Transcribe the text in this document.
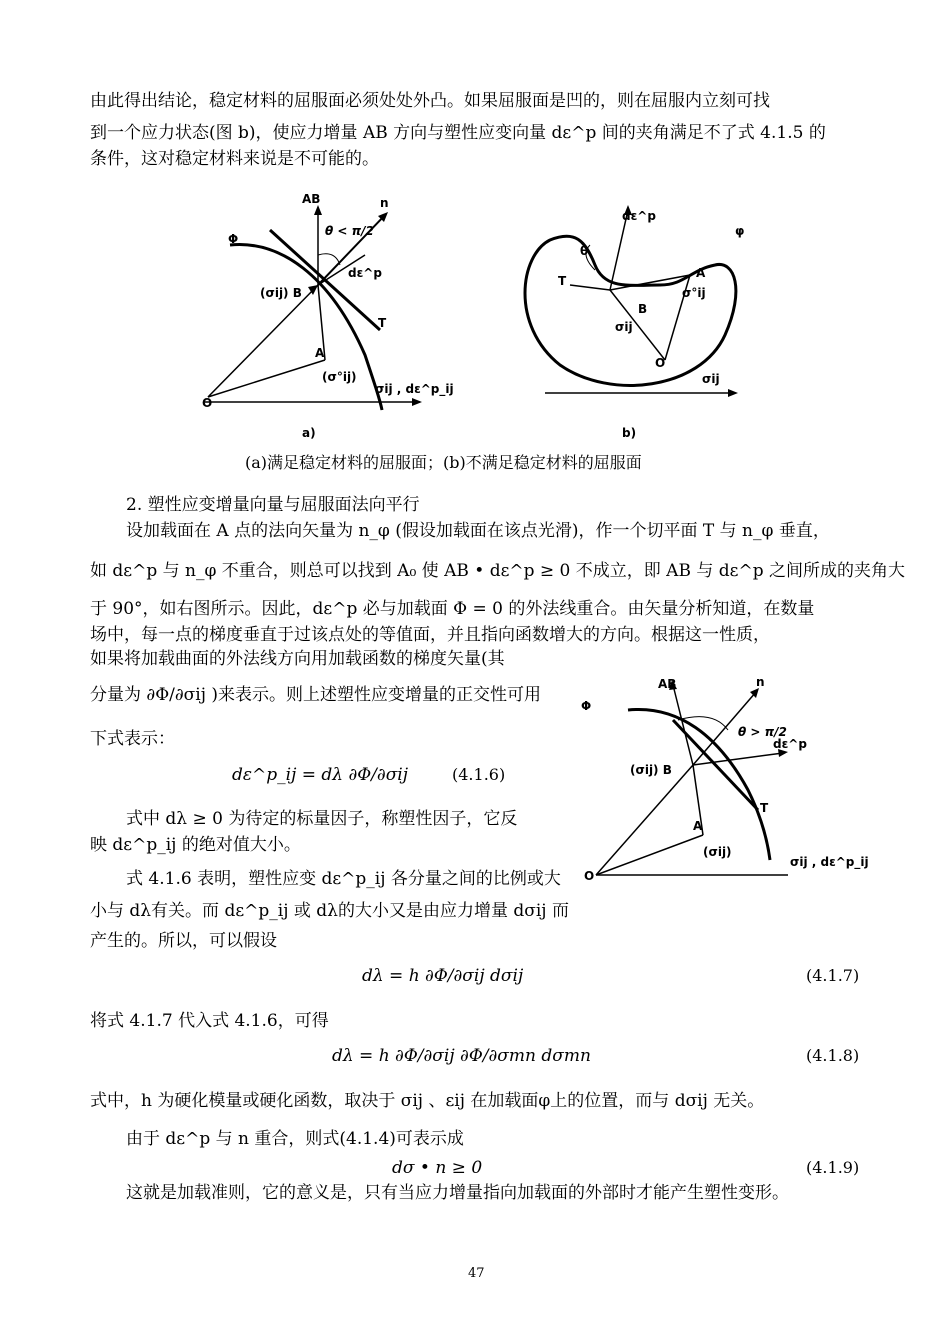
由此得出结论，稳定材料的屈服面必须处处外凸。如果屈服面是凹的，则在屈服内立刻可找
到一个应力状态(图 b)，使应力增量 AB 方向与塑性应变向量 dε^p 间的夹角满足不了式 4.1.5 的
条件，这对稳定材料来说是不可能的。
AB	n
θ < π/2
Φ
dε^p
(σij) B
T
A
(σ°ij)
O
σij , dε^p_ij
a)
dε^p
φ
θ
T
A
σ°ij
B
σij
O
σij
b)
(a)满足稳定材料的屈服面；(b)不满足稳定材料的屈服面
2. 塑性应变增量向量与屈服面法向平行
设加载面在 A 点的法向矢量为 n_φ (假设加载面在该点光滑)，作一个切平面 T 与 n_φ 垂直，
如 dε^p 与 n_φ 不重合，则总可以找到 A₀ 使 AB • dε^p ≥ 0 不成立，即 AB 与 dε^p 之间所成的夹角大
于 90°，如右图所示。因此，dε^p 必与加载面 Φ = 0 的外法线重合。由矢量分析知道，在数量
场中，每一点的梯度垂直于过该点处的等值面，并且指向函数增大的方向。根据这一性质，
如果将加载曲面的外法线方向用加载函数的梯度矢量(其
分量为 ∂Φ/∂σij )来表示。则上述塑性应变增量的正交性可用
下式表示：
dε^p_ij = dλ ∂Φ/∂σij	(4.1.6)
式中 dλ ≥ 0 为待定的标量因子，称塑性因子，它反
映 dε^p_ij 的绝对值大小。
式 4.1.6 表明，塑性应变 dε^p_ij 各分量之间的比例或大
小与 dλ有关。而 dε^p_ij 或 dλ的大小又是由应力增量 dσij 而
产生的。所以，可以假设
AB	n
Φ
θ > π/2
dε^p
(σij) B
T
A
(σij)
O
σij , dε^p_ij
dλ = h ∂Φ/∂σij dσij	(4.1.7)
将式 4.1.7 代入式 4.1.6，可得
dλ = h ∂Φ/∂σij ∂Φ/∂σmn dσmn	(4.1.8)
式中，h 为硬化模量或硬化函数，取决于 σij 、εij 在加载面φ上的位置，而与 dσij 无关。
由于 dε^p 与 n 重合，则式(4.1.4)可表示成
dσ • n ≥ 0	(4.1.9)
这就是加载准则，它的意义是，只有当应力增量指向加载面的外部时才能产生塑性变形。
47
